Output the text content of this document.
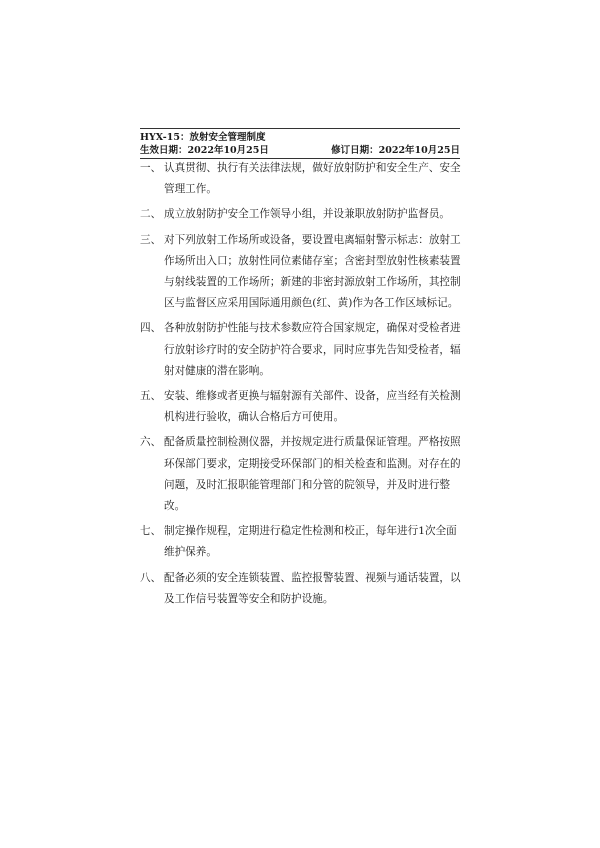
HYX-15：放射安全管理制度
生效日期：2022年10月25日	修订日期：2022年10月25日
一、 认真贯彻、执行有关法律法规，做好放射防护和安全生产、安全管理工作。
二、 成立放射防护安全工作领导小组，并设兼职放射防护监督员。
三、 对下列放射工作场所或设备，要设置电离辐射警示标志：放射工作场所出入口；放射性同位素储存室；含密封型放射性核素装置与射线装置的工作场所；新建的非密封源放射工作场所，其控制区与监督区应采用国际通用颜色(红、黄)作为各工作区域标记。
四、 各种放射防护性能与技术参数应符合国家规定，确保对受检者进行放射诊疗时的安全防护符合要求，同时应事先告知受检者，辐射对健康的潜在影响。
五、 安装、维修或者更换与辐射源有关部件、设备，应当经有关检测机构进行验收，确认合格后方可使用。
六、 配备质量控制检测仪器，并按规定进行质量保证管理。严格按照环保部门要求，定期接受环保部门的相关检查和监测。对存在的问题，及时汇报职能管理部门和分管的院领导，并及时进行整改。
七、 制定操作规程，定期进行稳定性检测和校正，每年进行1次全面维护保养。
八、 配备必须的安全连锁装置、监控报警装置、视频与通话装置，以及工作信号装置等安全和防护设施。
